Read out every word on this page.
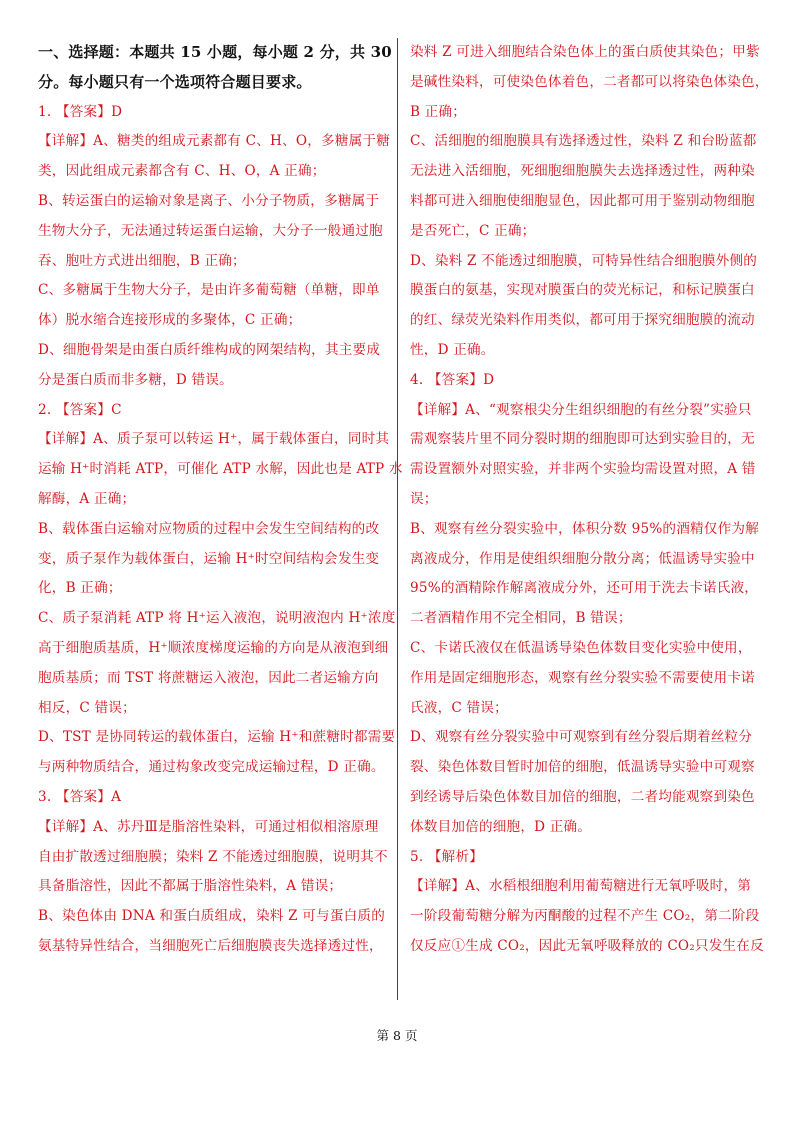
一、选择题：本题共 15 小题，每小题 2 分，共 30
分。每小题只有一个选项符合题目要求。
1. 【答案】D
【详解】A、糖类的组成元素都有 C、H、O，多糖属于糖
类，因此组成元素都含有 C、H、O，A 正确；
B、转运蛋白的运输对象是离子、小分子物质，多糖属于
生物大分子，无法通过转运蛋白运输，大分子一般通过胞
吞、胞吐方式进出细胞，B 正确；
C、多糖属于生物大分子，是由许多葡萄糖（单糖，即单
体）脱水缩合连接形成的多聚体，C 正确；
D、细胞骨架是由蛋白质纤维构成的网架结构，其主要成
分是蛋白质而非多糖，D 错误。
2. 【答案】C
【详解】A、质子泵可以转运 H⁺，属于载体蛋白，同时其
运输 H⁺时消耗 ATP，可催化 ATP 水解，因此也是 ATP 水
解酶，A 正确；
B、载体蛋白运输对应物质的过程中会发生空间结构的改
变，质子泵作为载体蛋白，运输 H⁺时空间结构会发生变
化，B 正确；
C、质子泵消耗 ATP 将 H⁺运入液泡，说明液泡内 H⁺浓度
高于细胞质基质，H⁺顺浓度梯度运输的方向是从液泡到细
胞质基质；而 TST 将蔗糖运入液泡，因此二者运输方向
相反，C 错误；
D、TST 是协同转运的载体蛋白，运输 H⁺和蔗糖时都需要
与两种物质结合，通过构象改变完成运输过程，D 正确。
3. 【答案】A
【详解】A、苏丹Ⅲ是脂溶性染料，可通过相似相溶原理
自由扩散透过细胞膜；染料 Z 不能透过细胞膜，说明其不
具备脂溶性，因此不都属于脂溶性染料，A 错误；
B、染色体由 DNA 和蛋白质组成，染料 Z 可与蛋白质的
氨基特异性结合，当细胞死亡后细胞膜丧失选择透过性，
染料 Z 可进入细胞结合染色体上的蛋白质使其染色；甲紫
是碱性染料，可使染色体着色，二者都可以将染色体染色，
B 正确；
C、活细胞的细胞膜具有选择透过性，染料 Z 和台盼蓝都
无法进入活细胞，死细胞细胞膜失去选择透过性，两种染
料都可进入细胞使细胞显色，因此都可用于鉴别动物细胞
是否死亡，C 正确；
D、染料 Z 不能透过细胞膜，可特异性结合细胞膜外侧的
膜蛋白的氨基，实现对膜蛋白的荧光标记，和标记膜蛋白
的红、绿荧光染料作用类似，都可用于探究细胞膜的流动
性，D 正确。
4. 【答案】D
【详解】A、“观察根尖分生组织细胞的有丝分裂”实验只
需观察装片里不同分裂时期的细胞即可达到实验目的，无
需设置额外对照实验，并非两个实验均需设置对照，A 错
误；
B、观察有丝分裂实验中，体积分数 95%的酒精仅作为解
离液成分，作用是使组织细胞分散分离；低温诱导实验中
95%的酒精除作解离液成分外，还可用于洗去卡诺氏液，
二者酒精作用不完全相同，B 错误；
C、卡诺氏液仅在低温诱导染色体数目变化实验中使用，
作用是固定细胞形态，观察有丝分裂实验不需要使用卡诺
氏液，C 错误；
D、观察有丝分裂实验中可观察到有丝分裂后期着丝粒分
裂、染色体数目暂时加倍的细胞，低温诱导实验中可观察
到经诱导后染色体数目加倍的细胞，二者均能观察到染色
体数目加倍的细胞，D 正确。
5. 【解析】
【详解】A、水稻根细胞利用葡萄糖进行无氧呼吸时，第
一阶段葡萄糖分解为丙酮酸的过程不产生 CO₂，第二阶段
仅反应①生成 CO₂，因此无氧呼吸释放的 CO₂只发生在反
第 8 页
